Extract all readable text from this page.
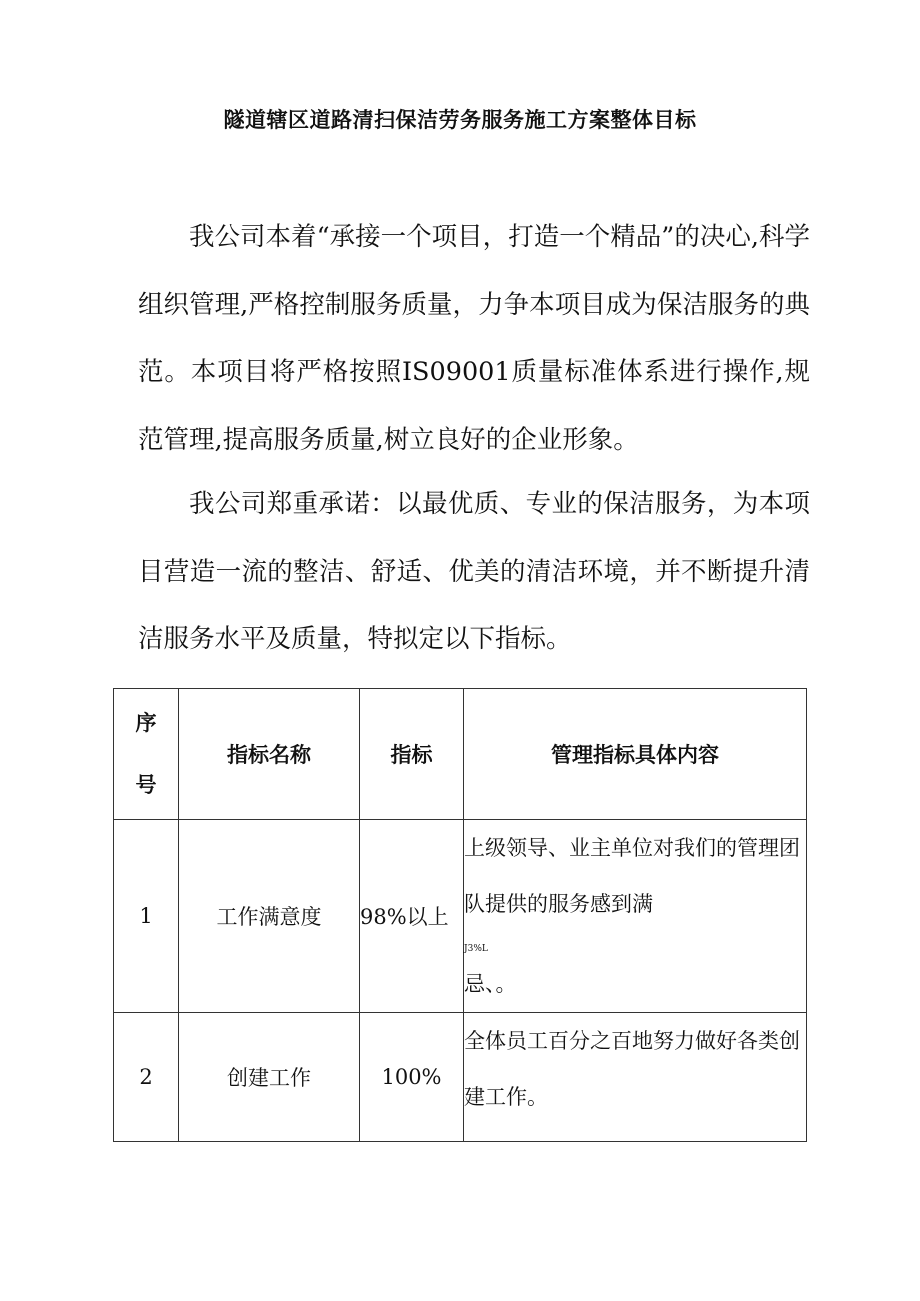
隧道辖区道路清扫保洁劳务服务施工方案整体目标

我公司本着“承接一个项目，打造一个精品”的决心,科学组织管理,严格控制服务质量，力争本项目成为保洁服务的典范。本项目将严格按照IS09001质量标准体系进行操作,规范管理,提高服务质量,树立良好的企业形象。

我公司郑重承诺：以最优质、专业的保洁服务，为本项目营造一流的整洁、舒适、优美的清洁环境，并不断提升清洁服务水平及质量，特拟定以下指标。

序
号	指标名称	指标	管理指标具体内容
1	工作满意度	98%以上	上级领导、业主单位对我们的管理团队提供的服务感到满
J3%L
忌、。
2	创建工作	100%	全体员工百分之百地努力做好各类创建工作。
